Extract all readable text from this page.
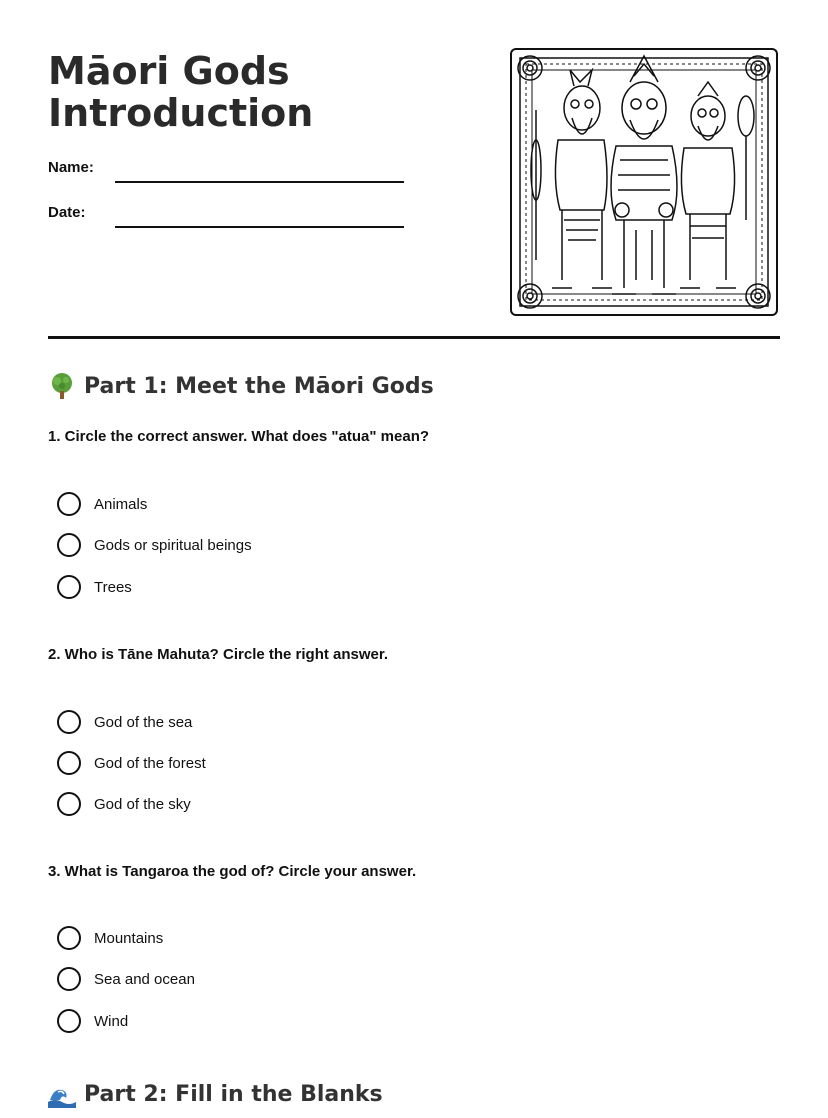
Māori Gods
Introduction
Name:
Date:
Part 1: Meet the Māori Gods
1. Circle the correct answer. What does "atua" mean?
Animals
Gods or spiritual beings
Trees
2. Who is Tāne Mahuta? Circle the right answer.
God of the sea
God of the forest
God of the sky
3. What is Tangaroa the god of? Circle your answer.
Mountains
Sea and ocean
Wind
Part 2: Fill in the Blanks
